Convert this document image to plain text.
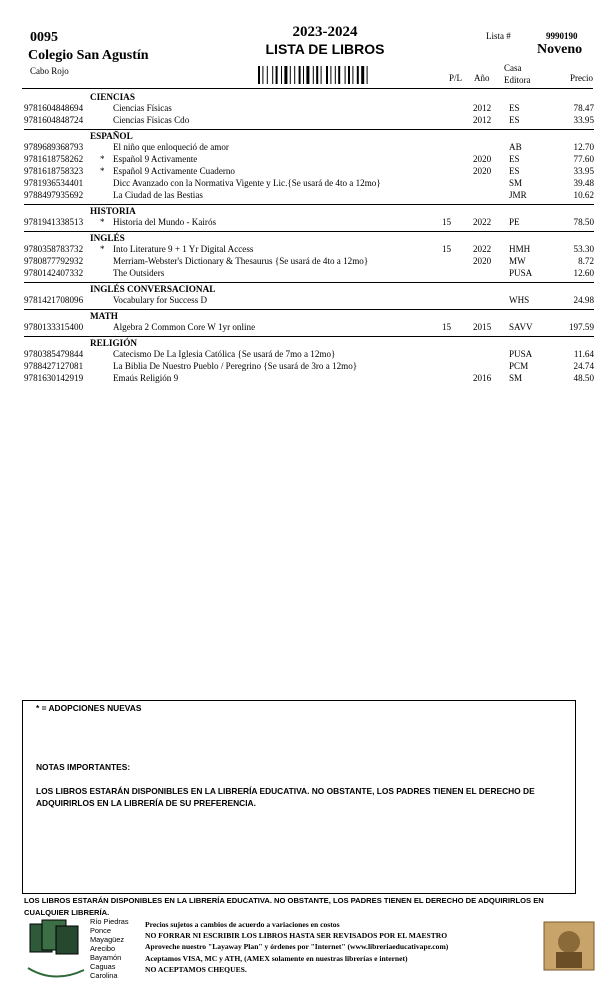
0095
Colegio San Agustín
Cabo Rojo
2023-2024
LISTA DE LIBROS
Lista #	9990190
Noveno
P/L Año
Casa
Editora	Precio
CIENCIAS
9781604848694	Ciencias Físicas	2012 ES	78.47
9781604848724	Ciencias Físicas Cdo	2012 ES	33.95
ESPAÑOL
9789689368793	El niño que enloqueció de amor	AB	12.70
9781618758262 * Español 9 Activamente	2020 ES	77.60
9781618758323 * Español 9 Activamente Cuaderno	2020 ES	33.95
9781936534401	Dicc Avanzado con la Normativa Vigente y Lic.{Se usará de 4to a 12mo}	SM	39.48
9788497935692	La Ciudad de las Bestias	JMR	10.62
HISTORIA
9781941338513 * Historia del Mundo - Kairós	15 2022 PE	78.50
INGLÉS
9780358783732 * Into Literature 9 + 1 Yr Digital Access	15 2022 HMH	53.30
9780877792932	Merriam-Webster's Dictionary & Thesaurus {Se usará de 4to a 12mo}	2020 MW	8.72
9780142407332	The Outsiders	PUSA	12.60
INGLÉS CONVERSACIONAL
9781421708096	Vocabulary for Success D	WHS	24.98
MATH
9780133315400	Algebra 2 Common Core W 1yr online	15 2015 SAVV	197.59
RELIGIÓN
9780385479844	Catecismo De La Iglesia Católica {Se usará de 7mo a 12mo}	PUSA	11.64
9788427127081	La Biblia De Nuestro Pueblo / Peregrino {Se usará de 3ro a 12mo}	PCM	24.74
9781630142919	Emaús Religión 9	2016 SM	48.50
* = ADOPCIONES NUEVAS
NOTAS IMPORTANTES:
LOS LIBROS ESTARÁN DISPONIBLES EN LA LIBRERÍA EDUCATIVA. NO OBSTANTE, LOS PADRES TIENEN EL DERECHO DE ADQUIRIRLOS EN LA LIBRERÍA DE SU PREFERENCIA.
LOS LIBROS ESTARÁN DISPONIBLES EN LA LIBRERÍA EDUCATIVA. NO OBSTANTE, LOS PADRES TIENEN EL DERECHO DE ADQUIRIRLOS EN CUALQUIER LIBRERÍA.
Río Piedras
Ponce
Mayagüez
Arecibo
Bayamón
Caguas
Carolina
Precios sujetos a cambios de acuerdo a variaciones en costos
NO FORRAR NI ESCRIBIR LOS LIBROS HASTA SER REVISADOS POR EL MAESTRO
Aproveche nuestro "Layaway Plan" y órdenes por "Internet" (www.libreriaeducativapr.com)
Aceptamos VISA, MC y ATH, (AMEX solamente en nuestras librerías e internet)
NO ACEPTAMOS CHEQUES.
